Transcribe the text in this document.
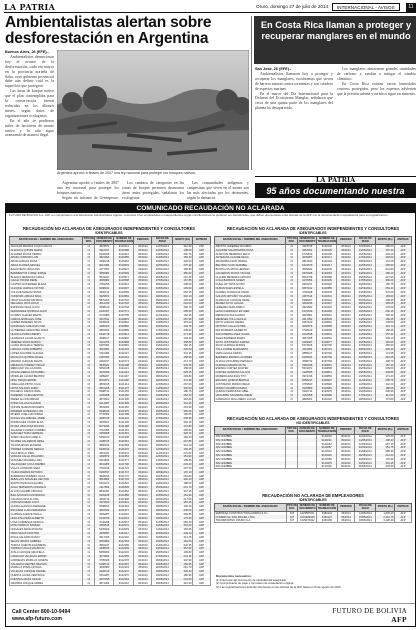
LA PATRIA	Oruro, domingo 27 de julio de 2014	INTERNACIONAL - AVISOS	11
Ambientalistas alertan sobre
desforestación en Argentina
Buenos Aires, 26 (EFE).-

Ambientalistas denunciaron hoy el avance de la desforestación, cada vez mayor en la provincia norteña de Salta, cuyo gobierno provincial debe aún definir cuál es la superficie que protegerá.

Las áreas de bosque nativo que el plan contemplaba para la conservación fueron reducidas en los últimos meses, según datos de organizaciones ecologistas.

En el año se perdieron miles de hectáreas de monte nativo y la tala sigue avanzando de manera ilegal.

Argentina aprobó a finales de 2007 una ley nacional para proteger los bosques nativos.

Argentina aprobó a finales de 2007 una ley nacional para proteger los bosques nativos.

Según un informe de Greenpeace,

Los cambios de categorías en las zonas de bosque permiten desmontar áreas antes protegidas, señalaron los ecologistas.

Las comunidades indígenas y campesinas que viven en el monte son las más afectadas por los desmontes, según la denuncia.

En Costa Rica llaman a proteger y recuperar manglares en el mundo
San José, 26 (EFE).-

Ambientalistas llamaron hoy a proteger y recuperar los manglares, ecosistemas que sirven de barrera natural contra tormentas y son criadero de especies marinas.

En el marco del Día Internacional para la Defensa del Ecosistema Manglar, señalaron que cerca de una quinta parte de los manglares del planeta ha desaparecido.

Los manglares almacenan grandes cantidades de carbono y ayudan a mitigar el cambio climático.

En Costa Rica existen varios humedales costeros protegidos, pero los expertos advierten que la presión urbana y turística sigue en aumento.

LA PATRIA
95 años documentando nuestra
COMUNICADO RECAUDACIÓN NO ACLARADA
FUTURO DE BOLIVIA S.A. AFP, en cumplimiento a la Resolución Administrativa vigente, comunica a los empleadores e independientes cuyas contribuciones no pudieron ser identificadas, que deben apersonarse a las oficinas de la AFP con la documentación respaldatoria para su regularización.
RECAUDACIÓN NO ACLARADA DE ASEGURADOS INDEPENDIENTES Y CONSULTORES
IDENTIFICABLES
RAZÓN SOCIAL / NOMBRE DEL ASEGURADO	TIPO DE DOC.	NÚMERO DE DOCUMENTO	NÚMERO DE TRANSACCIÓN	PERIODO	FECHA DE PAGO	MONTO (Bs)	ENTIDAD
AGUILAR MAMANI JUAN CARLOS	CI	4523871	9120341	06/2014	12/06/2014	312.50	AFP
ALANOCA QUISPE MARIA	CI	3912047	9120388	06/2014	13/06/2014	198.00	AFP
ALVAREZ ROJAS PEDRO	CI	5102938	9120412	05/2014	14/05/2014	240.75	AFP
APAZA CONDORI LUIS	CI	4821093	9120455	06/2014	16/06/2014	156.20	AFP
ARCE VARGAS ROSA	CI	3390218	9120481	05/2014	19/05/2014	420.00	AFP
ARIAS FLORES MIGUEL	CI	6012384	9120503	06/2014	20/06/2014	275.30	AFP
BALDIVIEZO CRUZ ANA	CI	4177652	9120527	04/2014	22/04/2014	189.90	AFP
BARRIENTOS LOPEZ JORGE	CI	3650981	9120549	06/2014	23/06/2014	350.00	AFP
BLANCO MENDOZA CARLA	CI	5523017	9120571	05/2014	26/05/2014	210.40	AFP
CALLE TICONA RENE	CI	4099382	9120598	06/2014	27/06/2014	167.85	AFP
CASTRO GUTIERREZ ELENA	CI	3781256	9120612	04/2014	28/04/2014	298.00	AFP
CHOQUE HUANCA VICTOR	CI	6298431	9120637	06/2014	30/06/2014	145.60	AFP
COLQUE MAMANI SONIA	CI	4456712	9120659	05/2014	02/05/2014	260.25	AFP
CONDORI LIMACHI RAUL	CI	3329874	9120684	06/2014	03/06/2014	332.10	AFP
CRUZ SALAZAR PATRICIA	CI	5876203	9120702	04/2014	05/04/2014	178.50	AFP
DELGADO RIOS HUGO	CI	4012239	9120726	06/2014	06/06/2014	224.00	AFP
ESPINOZA VEGA LUCIA	CI	3598120	9120748	05/2014	09/05/2014	390.70	AFP
FERNANDEZ QUIROGA ALDO	CI	6120457	9120771	06/2014	10/06/2014	205.30	AFP
FLORES CHAVEZ MARTA	CI	4731980	9120795	04/2014	11/04/2014	162.45	AFP
GARCIA MORALES JOSE	CI	3267541	9120819	06/2014	12/06/2014	287.90	AFP
GOMEZ PAREDES SILVIA	CI	5409816	9120842	05/2014	13/05/2014	315.00	AFP
GONZALES CAMACHO IVAN	CI	4185320	9120866	06/2014	16/06/2014	149.75	AFP
GUTIERREZ ARANCIBIA NORA	CI	3853092	9120889	04/2014	17/04/2014	236.60	AFP
HUANCA POMA FREDDY	CI	6342718	9120913	06/2014	18/06/2014	271.20	AFP
HUARACHI LAURA GLADYS	CI	4598127	9120936	05/2014	20/05/2014	193.40	AFP
JIMENEZ SORIA MARCO	CI	3421765	9120958	06/2014	23/06/2014	358.80	AFP
LAURA MACHACA TERESA	CI	5287094	9120981	04/2014	24/04/2014	182.15	AFP
LIMACHI COPA ROBERTO	CI	4023981	9121004	06/2014	25/06/2014	245.00	AFP
LOPEZ AGUIRRE CLAUDIA	CI	3710284	9121027	05/2014	27/05/2014	301.35	AFP
MACHACA QUISPE ANGEL	CI	6187452	9121051	06/2014	30/06/2014	168.90	AFP
MAMANI CHOQUE FELIPA	CI	4462017	9121074	04/2014	02/04/2014	214.70	AFP
MENDOZA TORREZ OSCAR	CI	3935621	9121098	06/2014	03/06/2014	376.25	AFP
MERCADO VILLCA DORA	CI	5652108	9121121	05/2014	05/05/2014	158.00	AFP
MOLINA ZEBALLOS RUBEN	CI	4276390	9121143	06/2014	06/06/2014	229.45	AFP
MORALES CHURA BEATRIZ	CI	3189207	9121167	04/2014	08/04/2014	293.80	AFP
NINA TARQUI EDWIN	CI	6051873	9121190	06/2014	09/06/2014	174.30	AFP
ORELLANA PINTO JULIA	CI	4803915	9121214	05/2014	12/05/2014	267.00	AFP
ORTIZ SALINAS FABIO	CI	3567208	9121237	06/2014	13/06/2014	340.60	AFP
PACHECO RAMOS IRMA	CI	5398712	9121259	04/2014	14/04/2014	186.75	AFP
PAREDES YUJRA NESTOR	CI	4150968	9121282	06/2014	16/06/2014	252.10	AFP
PEREZ ALCON MIRIAM	CI	3874521	9121306	05/2014	19/05/2014	318.40	AFP
POMA CALLISAYA DAVID	CI	6214387	9121329	06/2014	20/06/2014	161.25	AFP
QUISPE MAMANI ROSARIO	CI	4529063	9121352	04/2014	21/04/2014	219.90	AFP
RAMIREZ ANTEZANA LUIS	CI	3348196	9121375	06/2014	23/06/2014	365.00	AFP
RIVERA CUELLAR NORMA	CI	5743082	9121398	05/2014	26/05/2014	190.55	AFP
ROCHA VILLARROEL JAIME	CI	4086725	9121422	06/2014	27/06/2014	238.30	AFP
RODRIGUEZ CATARI ELSA	CI	3625817	9121445	04/2014	28/04/2014	304.15	AFP
ROJAS HINOJOSA WILSON	CI	6073294	9121468	06/2014	30/06/2014	172.80	AFP
SALAZAR FLORES CARMEN	CI	4710385	9121491	05/2014	02/05/2014	256.00	AFP
SANCHEZ TAPIA GERMAN	CI	3253908	9121515	06/2014	03/06/2014	329.70	AFP
SORIA VELASCO ADELA	CI	5482163	9121538	04/2014	04/04/2014	183.20	AFP
SUAREZ CALDERON ARIEL	CI	4198726	9121561	06/2014	06/06/2014	247.85	AFP
TICONA APAZA EUGENIA	CI	3890154	9121584	05/2014	09/05/2014	312.00	AFP
TORREZ GUZMAN SERGIO	CI	6328019	9121607	06/2014	10/06/2014	166.45	AFP
VACA MOLLO INES	CI	4567321	9121631	04/2014	11/04/2014	221.60	AFP
VARGAS CALLE ROLANDO	CI	3406872	9121654	06/2014	12/06/2014	354.90	AFP
VASQUEZ ARANDIA LIDIA	CI	5219846	9121677	05/2014	13/05/2014	195.25	AFP
VELASQUEZ COCA RAMIRO	CI	4041289	9121700	06/2014	16/06/2014	233.40	AFP
VILLCA CONDORI SARA	CI	3762918	9121723	04/2014	17/04/2014	297.50	AFP
YUJRA MAMANI ANTONIO	CI	6190537	9121747	06/2014	18/06/2014	170.10	AFP
ZAMBRANA ROMERO OLGA	CI	4628015	9121770	05/2014	20/05/2014	264.80	AFP
ZEBALLOS NOGALES HECTOR	CI	3519864	9121793	06/2014	23/06/2014	336.20	AFP
ZURITA PANIAGUA ELVIRA	CI	5301472	9121816	04/2014	24/04/2014	188.00	AFP
ACHA TERCEROS GONZALO	CI	4117863	9121839	06/2014	25/06/2014	241.70	AFP
ALCON CHAMBI VIRGINIA	CI	3842097	9121862	05/2014	27/05/2014	307.35	AFP
BALLIVIAN ROCA RODRIGO	CI	6265108	9121885	06/2014	30/06/2014	164.90	AFP
CALIZAYA MITA FLORA	CI	4553719	9121908	04/2014	02/04/2014	217.60	AFP
COPA ESCOBAR JULIO	CI	3374620	9121931	06/2014	03/06/2014	361.25	AFP
CHURA ALANOCA MARLENE	CI	5698031	9121954	05/2014	05/05/2014	192.40	AFP
ESCOBAR LUNA FERNANDO	CI	4061542	9121977	06/2014	06/06/2014	236.00	AFP
GUZMAN ZARATE PAOLA	CI	3609287	9122001	04/2014	08/04/2014	299.85	AFP
HINOJOSA PEÑA ALBERTO	CI	6134706	9122024	06/2014	09/06/2014	175.50	AFP
LUNA CARDENAS MONICA	CI	4746298	9122047	05/2014	12/05/2014	259.30	AFP
MITA TORRICO SAMUEL	CI	3283514	9122070	06/2014	13/06/2014	344.00	AFP
NOGALES ARCE ROXANA	CI	5436920	9122093	04/2014	14/04/2014	184.65	AFP
PEÑA SEJAS CRISTIAN	CI	4225837	9122117	06/2014	16/06/2014	249.20	AFP
ROCA GALARZA NANCY	CI	3917406	9122140	05/2014	19/05/2014	314.75	AFP
SEJAS ORURO GABRIEL	CI	6251893	9122163	06/2014	20/06/2014	163.00	AFP
TARQUI QUENTA ELIZABETH	CI	4581247	9122186	04/2014	21/04/2014	222.35	AFP
TORRICO AYALA MAURICIO	CI	3438165	9122209	06/2014	23/06/2014	357.60	AFP
AYALA CHOQUE GRACIELA	CI	5265903	9122232	05/2014	26/05/2014	196.80	AFP
CAMACHO VILLEGAS ERWIN	CI	4073651	9122255	06/2014	27/06/2014	231.45	AFP
CARDENAS MURILLO JANETH	CI	3795028	9122278	04/2014	28/04/2014	302.90	AFP
GALARZA FUENTES NELSON	CI	6158742	9122301	06/2014	30/06/2014	169.25	AFP
MURILLO POMA CINTHIA	CI	4692580	9122324	05/2014	02/05/2014	261.70	AFP
VILLEGAS CHOQUE RAFAEL	CI	3226419	9122347	06/2014	03/06/2014	333.40	AFP
QUENTA LAURA VERONICA	CI	5461287	9122370	04/2014	04/04/2014	180.95	AFP
FUENTES ARIAS CESAR	CI	4207935	9122393	06/2014	06/06/2014	244.60	AFP
ARANDIA COLQUE MABEL	CI	3871364	9122416	05/2014	09/05/2014	310.20	AFP
RECAUDACIÓN NO ACLARADA DE ASEGURADOS INDEPENDIENTES Y CONSULTORES
IDENTIFICABLES
RAZÓN SOCIAL / NOMBRE DEL ASEGURADO	TIPO DE DOC.	NÚMERO DE DOCUMENTO	NÚMERO DE TRANSACCIÓN	PERIODO	FECHA DE PAGO	MONTO (Bs)	ENTIDAD
ABASTO LEDEZMA RICARDO	CI	4318726	9130102	06/2014	12/06/2014	285.00	AFP
AGUIRRE SALVATIERRA ROSA	CI	3654091	9130125	05/2014	13/05/2014	197.40	AFP
ALARCON MEDRANO FELIX	CI	5729813	9130148	06/2014	16/06/2014	243.15	AFP
ANTEZANA CLAURE DELIA	CI	4045287	9130171	04/2014	17/04/2014	318.60	AFP
ARANCIBIA LEON ISMAEL	CI	3812640	9130194	06/2014	18/06/2014	172.25	AFP
BELTRAN SUXO MARIBEL	CI	6234579	9130217	05/2014	20/05/2014	259.90	AFP
BUSTILLOS MOYA HERNAN	CI	4509182	9130240	06/2014	23/06/2014	341.80	AFP
CALDERON ROJAS VIVIANA	CI	3370925	9130263	04/2014	24/04/2014	186.10	AFP
CLAURE MENESES ARTURO	CI	5610738	9130286	06/2014	25/06/2014	227.55	AFP
COCA BARRIOS NOEMI	CI	4178354	9130309	05/2014	27/05/2014	296.20	AFP
CUELLAR TAPIA GUIDO	CI	3946271	9130332	06/2014	30/06/2014	165.75	AFP
DURAN SILES ESTELA	CI	6087412	9130355	04/2014	02/04/2014	254.30	AFP
FLORES GUARACHI OMAR	CI	4730928	9130378	06/2014	03/06/2014	337.65	AFP
GALVAN ORTUÑO YOLANDA	CI	3287614	9130401	05/2014	05/05/2014	183.90	AFP
GUARACHI CHOQUE RENE	CI	5498207	9130424	06/2014	06/06/2014	248.40	AFP
IBAÑEZ SOTO LILIANA	CI	4253196	9130447	04/2014	08/04/2014	309.05	AFP
LEDEZMA VERA PABLO	CI	3901582	9130470	06/2014	09/06/2014	170.60	AFP
LEON CARRASCO ESTHER	CI	6176043	9130493	05/2014	12/05/2014	262.15	AFP
MEDRANO PAZ ALVARO	CI	4624851	9130516	06/2014	13/06/2014	346.30	AFP
MENESES TOLA CECILIA	CI	3417392	9130539	04/2014	14/04/2014	189.45	AFP
MOYA VARGAS DANIEL	CI	5287610	9130562	06/2014	16/06/2014	235.80	AFP
ORTUÑO CALLE FATIMA	CI	4096873	9130585	05/2014	19/05/2014	301.70	AFP
PAZ MOREIRA GILBERTO	CI	3738120	9130608	06/2014	20/06/2014	168.35	AFP
SALVATIERRA AÑEZ JUANA	CI	6142598	9130631	04/2014	21/04/2014	257.20	AFP
SILES BARRERA MARIO	CI	4667305	9130654	06/2014	23/06/2014	339.10	AFP
SOTO JUSTINIANO KARINA	CI	3209487	9130677	05/2014	26/05/2014	181.55	AFP
SUXO CHIPANA EFRAIN	CI	5473816	9130700	06/2014	27/06/2014	250.90	AFP
TOLA CONDE MARGARITA	CI	4219654	9130723	04/2014	28/04/2014	306.40	AFP
VERA ALIAGA SIMON	CI	3885127	9130746	06/2014	30/06/2014	174.95	AFP
BARRERA ESPADA LOURDES	CI	6209341	9130769	05/2014	02/05/2014	264.25	AFP
ALIAGA VIDAURRE MARCELO	CI	4598732	9130792	06/2014	03/06/2014	348.70	AFP
CHIPANA MAMANI RUTH	CI	3362048	9130815	04/2014	04/04/2014	187.30	AFP
ESPADA CORTEZ WALTER	CI	5531972	9130838	06/2014	06/06/2014	239.60	AFP
CORTEZ HUARANCA ALICIA	CI	4128605	9130861	05/2014	09/05/2014	303.85	AFP
MOREIRA ENCINAS TITO	CI	3974316	9130884	06/2014	10/06/2014	171.40	AFP
ENCINAS QUIROZ BERTHA	CI	6058247	9130907	04/2014	11/04/2014	255.75	AFP
JUSTINIANO PARDO DIEGO	CI	4781530	9130930	06/2014	12/06/2014	342.20	AFP
PARDO CHAMBI SUSANA	CI	3245869	9130953	05/2014	13/05/2014	185.05	AFP
QUIROZ FERRUFINO ABEL	CI	5302714	9130976	06/2014	16/06/2014	246.95	AFP
VIDAURRE SAAVEDRA IRENE	CI	4162398	9130999	04/2014	17/04/2014	311.50	AFP
CARRASCO MOLLINEDO LUCAS	CI	3828451	9131022	06/2014	18/06/2014	173.80	AFP
RECAUDACIÓN NO ACLARADA DE ASEGURADOS INDEPENDIENTES Y CONSULTORES
NO IDENTIFICABLES
RAZÓN SOCIAL / NOMBRE DEL ASEGURADO	TIPO DE DOC.	NÚMERO DE DOCUMENTO	NÚMERO DE TRANSACCIÓN	PERIODO	FECHA DE PAGO	MONTO (Bs)	ENTIDAD
SIN NOMBRE			9140218	06/2014	12/06/2014	325.00	AFP
SIN NOMBRE			9140241	05/2014	14/05/2014	198.40	AFP
SIN NOMBRE			9140264	06/2014	17/06/2014	267.10	AFP
SIN NOMBRE			9140287	04/2014	22/04/2014	154.75	AFP
SIN NOMBRE			9140310	06/2014	24/06/2014	289.30	AFP
SIN NOMBRE			9140333	05/2014	28/05/2014	212.60	AFP
SIN NOMBRE			9140356	06/2014	30/06/2014	176.90	AFP
SIN NOMBRE			9140379	04/2014	03/04/2014	301.25	AFP
SIN NOMBRE			9140402	06/2014	05/06/2014	233.50	AFP
RECAUDACIÓN NO ACLARADA DE EMPLEADORES
IDENTIFICABLES
RAZÓN SOCIAL / NOMBRE DEL ASEGURADO	TIPO DE DOC.	NÚMERO DE DOCUMENTO	NÚMERO DE TRANSACCIÓN	PERIODO	FECHA DE PAGO	MONTO (Bs)	ENTIDAD
EMPRESA CONSTRUCTORA ANDINA S.R.L.	NIT	1023587021	9150104	06/2014	12/06/2014	1,845.20	AFP
COMERCIAL SAN MIGUEL LTDA.	NIT	1016483025	9150127	05/2014	15/05/2014	2,310.75	AFP
TRANSPORTES ORURO S.A.	NIT	1029374022	9150150	06/2014	18/06/2014	3,128.40	AFP
Documentos necesarios:
(1) Fotocopia del documento de identidad del asegurado.
(2) Comprobante de pago o formulario de recaudación original.
(3) Las regularizaciones deberán efectuarse en las oficinas de la AFP hasta el 29 de agosto de 2014.
Call Center 800-10-9494
www.afp-futuro.com
FUTURO DE BOLIVIA
AFP
